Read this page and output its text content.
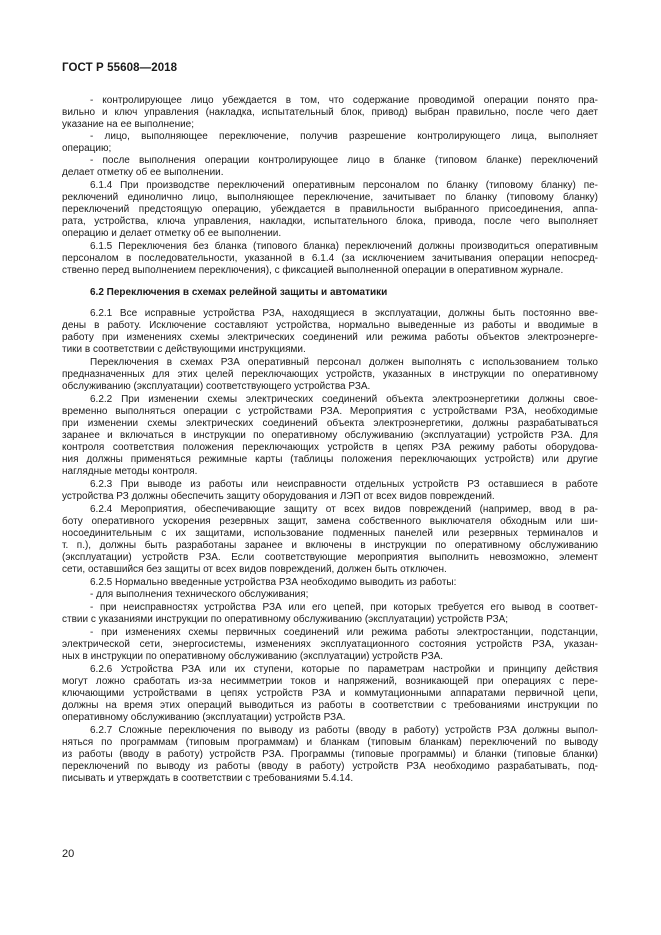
ГОСТ Р 55608—2018
- контролирующее лицо убеждается в том, что содержание проводимой операции понято пра-
вильно и ключ управления (накладка, испытательный блок, привод) выбран правильно, после чего дает
указание на ее выполнение;
- лицо, выполняющее переключение, получив разрешение контролирующего лица, выполняет
операцию;
- после выполнения операции контролирующее лицо в бланке (типовом бланке) переключений
делает отметку об ее выполнении.
6.1.4 При производстве переключений оперативным персоналом по бланку (типовому бланку) пе-
реключений единолично лицо, выполняющее переключение, зачитывает по бланку (типовому бланку)
переключений предстоящую операцию, убеждается в правильности выбранного присоединения, аппа-
рата, устройства, ключа управления, накладки, испытательного блока, привода, после чего выполняет
операцию и делает отметку об ее выполнении.
6.1.5 Переключения без бланка (типового бланка) переключений должны производиться оперативным
персоналом в последовательности, указанной в 6.1.4 (за исключением зачитывания операции непосред-
ственно перед выполнением переключения), с фиксацией выполненной операции в оперативном журнале.
6.2 Переключения в схемах релейной защиты и автоматики
6.2.1 Все исправные устройства РЗА, находящиеся в эксплуатации, должны быть постоянно вве-
дены в работу. Исключение составляют устройства, нормально выведенные из работы и вводимые в
работу при изменениях схемы электрических соединений или режима работы объектов электроэнерге-
тики в соответствии с действующими инструкциями.
Переключения в схемах РЗА оперативный персонал должен выполнять с использованием только
предназначенных для этих целей переключающих устройств, указанных в инструкции по оперативному
обслуживанию (эксплуатации) соответствующего устройства РЗА.
6.2.2 При изменении схемы электрических соединений объекта электроэнергетики должны свое-
временно выполняться операции с устройствами РЗА. Мероприятия с устройствами РЗА, необходимые
при изменении схемы электрических соединений объекта электроэнергетики, должны разрабатываться
заранее и включаться в инструкции по оперативному обслуживанию (эксплуатации) устройств РЗА. Для
контроля соответствия положения переключающих устройств в цепях РЗА режиму работы оборудова-
ния должны применяться режимные карты (таблицы положения переключающих устройств) или другие
наглядные методы контроля.
6.2.3 При выводе из работы или неисправности отдельных устройств РЗ оставшиеся в работе
устройства РЗ должны обеспечить защиту оборудования и ЛЭП от всех видов повреждений.
6.2.4 Мероприятия, обеспечивающие защиту от всех видов повреждений (например, ввод в ра-
боту оперативного ускорения резервных защит, замена собственного выключателя обходным или ши-
носоединительным с их защитами, использование подменных панелей или резервных терминалов и
т. п.), должны быть разработаны заранее и включены в инструкции по оперативному обслуживанию
(эксплуатации) устройств РЗА. Если соответствующие мероприятия выполнить невозможно, элемент
сети, оставшийся без защиты от всех видов повреждений, должен быть отключен.
6.2.5 Нормально введенные устройства РЗА необходимо выводить из работы:
- для выполнения технического обслуживания;
- при неисправностях устройства РЗА или его цепей, при которых требуется его вывод в соответ-
ствии с указаниями инструкции по оперативному обслуживанию (эксплуатации) устройств РЗА;
- при изменениях схемы первичных соединений или режима работы электростанции, подстанции,
электрической сети, энергосистемы, изменениях эксплуатационного состояния устройств РЗА, указан-
ных в инструкции по оперативному обслуживанию (эксплуатации) устройств РЗА.
6.2.6 Устройства РЗА или их ступени, которые по параметрам настройки и принципу действия
могут ложно сработать из-за несимметрии токов и напряжений, возникающей при операциях с пере-
ключающими устройствами в цепях устройств РЗА и коммутационными аппаратами первичной цепи,
должны на время этих операций выводиться из работы в соответствии с требованиями инструкции по
оперативному обслуживанию (эксплуатации) устройств РЗА.
6.2.7 Сложные переключения по выводу из работы (вводу в работу) устройств РЗА должны выпол-
няться по программам (типовым программам) и бланкам (типовым бланкам) переключений по выводу
из работы (вводу в работу) устройств РЗА. Программы (типовые программы) и бланки (типовые бланки)
переключений по выводу из работы (вводу в работу) устройств РЗА необходимо разрабатывать, под-
писывать и утверждать в соответствии с требованиями 5.4.14.
20
